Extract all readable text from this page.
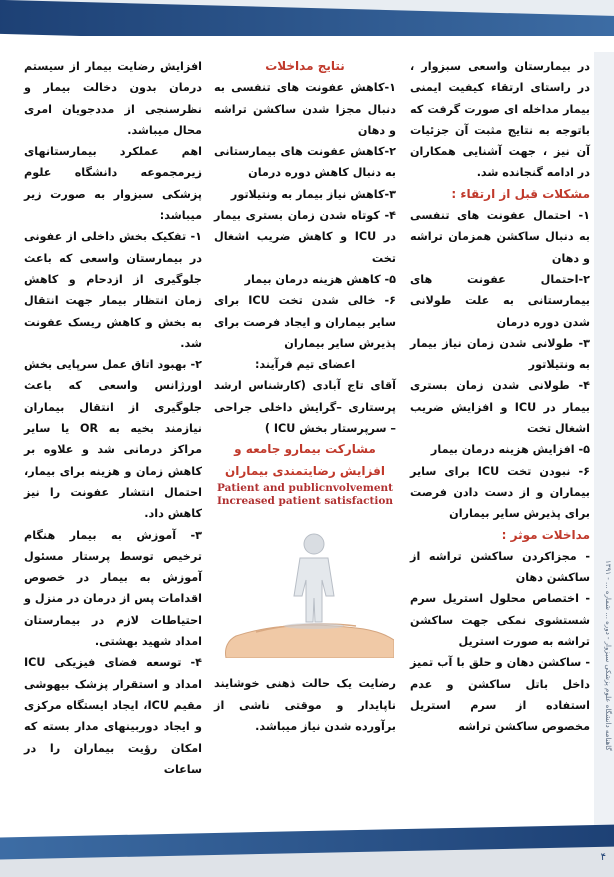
گاهنامه دانشگاه علوم پزشکی سبزوار - دوره ... شماره ... - ۱۳۹۱

در بیمارستان واسعی سبزوار ، در راستای ارتقاء کیفیت ایمنی بیمار مداخله ای صورت گرفت که باتوجه به نتایج مثبت آن جزئیات آن نیز ، جهت آشنایی همکاران در ادامه گنجانده شد.

مشکلات قبل از ارتقاء :

۱- احتمال عفونت های تنفسی به دنبال ساکشن همزمان تراشه و دهان

۲-احتمال عفونت های بیمارستانی به علت طولانی شدن دوره درمان

۳- طولانی شدن زمان نیاز بیمار به ونتیلاتور

۴- طولانی شدن زمان بستری بیمار در ICU و افزایش ضریب اشغال تخت

۵- افزایش هزینه درمان بیمار

۶- نبودن تخت ICU برای سایر بیماران و از دست دادن فرصت برای پذیرش سایر بیماران

مداخلات موثر :

- مجزاکردن ساکشن تراشه از ساکشن دهان

- اختصاص محلول استریل سرم شستشوی نمکی جهت ساکشن تراشه به صورت استریل

- ساکشن دهان و حلق با آب تمیز داخل باتل ساکشن و عدم استفاده از سرم استریل مخصوص ساکشن تراشه

نتایج مداخلات

۱-کاهش عفونت های تنفسی به دنبال مجزا شدن ساکشن تراشه و دهان

۲-کاهش عفونت های بیمارستانی به دنبال کاهش دوره درمان

۳-کاهش نیاز بیمار به ونتیلاتور

۴- کوتاه شدن زمان بستری بیمار در ICU و کاهش ضریب اشغال تخت

۵- کاهش هزینه درمان بیمار

۶- خالی شدن تخت ICU برای سایر بیماران و ایجاد فرصت برای پذیرش سایر بیماران

اعضای تیم فرآیند:

آقای تاج آبادی (کارشناس ارشد پرستاری –گرایش داخلی جراحی – سرپرستار بخش ICU )

مشارکت بیمارو جامعه و افزایش رضایتمندی بیماران

Patient and publicnvolvement

Increased patient satisfaction

رضایت یک حالت ذهنی خوشایند ناپایدار و موقتی ناشی از برآورده شدن نیاز میباشد.

افزایش رضایت بیمار از سیستم درمان بدون دخالت بیمار و نظرسنجی از مددجویان امری محال میباشد.

اهم عملکرد بیمارستانهای زیرمجموعه دانشگاه علوم پزشکی سبزوار به صورت زیر میباشد:

۱- تفکیک بخش داخلی از عفونی در بیمارستان واسعی که باعث جلوگیری از ازدحام و کاهش زمان انتظار بیمار جهت انتقال به بخش و کاهش ریسک عفونت شد.

۲- بهبود اتاق عمل سرپایی بخش اورژانس واسعی که باعث جلوگیری از انتقال بیماران نیازمند بخیه به OR یا سایر مراکز درمانی شد و علاوه بر کاهش زمان و هزینه برای بیمار، احتمال انتشار عفونت را نیز کاهش داد.

۳- آموزش به بیمار هنگام ترخیص توسط پرستار مسئول آموزش به بیمار در خصوص اقدامات پس از درمان در منزل و احتیاطات لازم در بیمارستان امداد شهید بهشتی.

۴- توسعه فضای فیزیکی ICU امداد و استقرار پزشک بیهوشی مقیم ICU، ایجاد ایستگاه مرکزی و ایجاد دوربینهای مدار بسته که امکان رؤیت بیماران را در ساعات

۴
